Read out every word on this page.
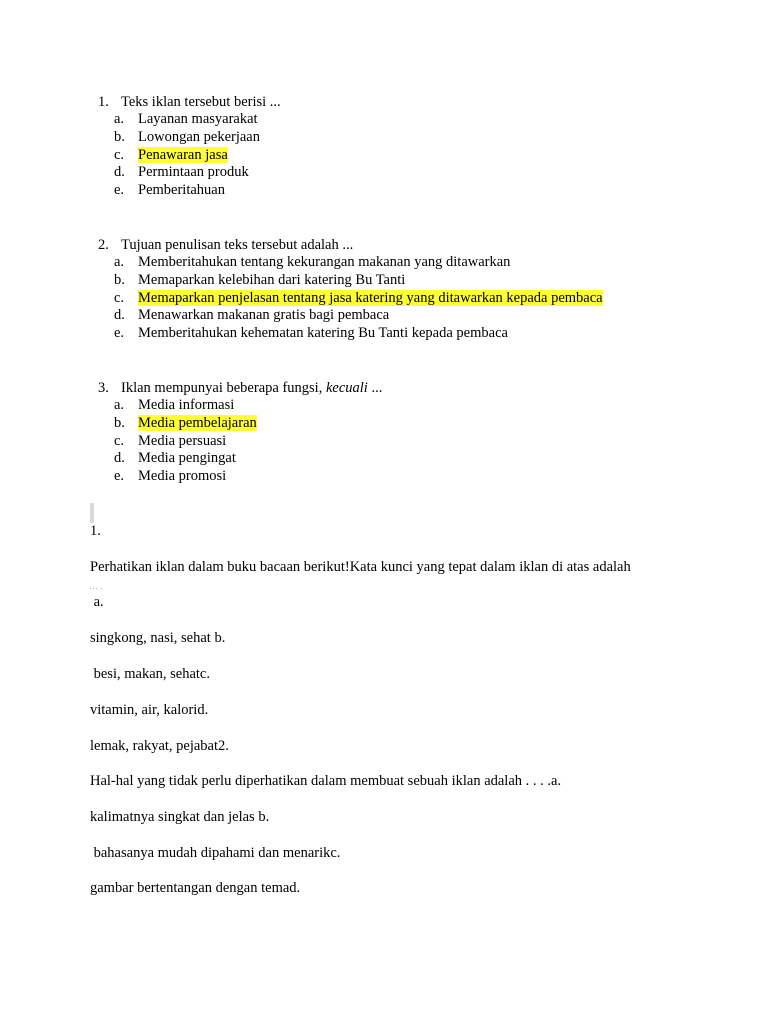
1. Teks iklan tersebut berisi ...
a. Layanan masyarakat
b. Lowongan pekerjaan
c. Penawaran jasa
d. Permintaan produk
e. Pemberitahuan
2. Tujuan penulisan teks tersebut adalah ...
a. Memberitahukan tentang kekurangan makanan yang ditawarkan
b. Memaparkan kelebihan dari katering Bu Tanti
c. Memaparkan penjelasan tentang jasa katering yang ditawarkan kepada pembaca
d. Menawarkan makanan gratis bagi pembaca
e. Memberitahukan kehematan katering Bu Tanti kepada pembaca
3. Iklan mempunyai beberapa fungsi, kecuali ...
a. Media informasi
b. Media pembelajaran
c. Media persuasi
d. Media pengingat
e. Media promosi
1.
Perhatikan iklan dalam buku bacaan berikut!Kata kunci yang tepat dalam iklan di atas adalah
... .
a.
singkong, nasi, sehat b.
besi, makan, sehatc.
vitamin, air, kalorid.
lemak, rakyat, pejabat2.
Hal-hal yang tidak perlu diperhatikan dalam membuat sebuah iklan adalah . . . .a.
kalimatnya singkat dan jelas b.
bahasanya mudah dipahami dan menarikc.
gambar bertentangan dengan temad.
